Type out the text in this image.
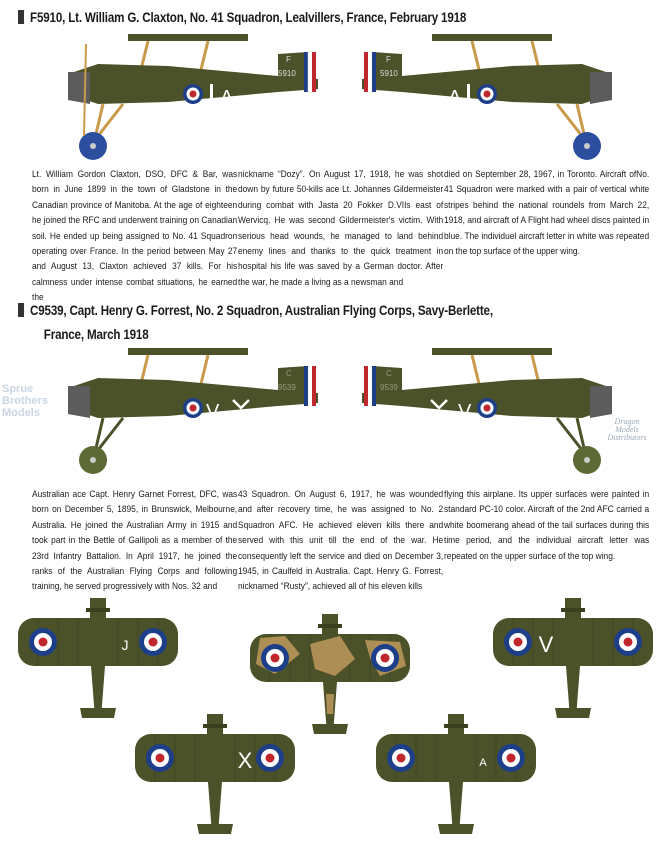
F5910, Lt. William G. Claxton, No. 41 Squadron, Lealvillers, France, February 1918
A
F
5910
A
F
5910
Lt. William Gordon Claxton, DSO, DFC & Bar, was born in June 1899 in the town of Gladstone in the Canadian province of Manitoba. At the age of eighteen he joined the RFC and underwent training on Canadian soil. He ended up being assigned to No. 41 Squadron operating over France. In the period between May 27 and August 13, Claxton achieved 37 kills. For his calmness under intense combat situations, he earned the
nickname “Dozy”. On August 17, 1918, he was shot down by future 50-kills ace Lt. Johannes Gildermeister during combat with Jasta 20 Fokker D.VIIs east of Wervicq. He was second Gildermeister's victim. With serious head wounds, he managed to land behind enemy lines and thanks to the quick treatment in hospital his life was saved by a German doctor. After the war, he made a living as a newsman and
died on September 28, 1967, in Toronto. Aircraft ofNo. 41 Squadron were marked with a pair of vertical white stripes behind the national roundels from March 22, 1918, and aircraft of A Flight had wheel discs painted in blue. The individuel aircraft letter in white was repeated on the top surface of the upper wing.
C9539, Capt. Henry G. Forrest, No. 2 Squadron, Australian Flying Corps, Savy-Berlette,
France, March 1918
V
C
9539
Sprue
Brothers
Models	V
C
9539
Dragon
Models
Distributors
Australian ace Capt. Henry Garnet Forrest, DFC, was born on December 5, 1895, in Brunswick, Melbourne, Australia. He joined the Australian Army in 1915 and took part in the Bettle of Gallipoli as a member of the 23rd Infantry Battalion. In April 1917, he joined the ranks of the Australian Flying Corps and following training, he served progressively with Nos. 32 and
43 Squadron. On August 6, 1917, he was wounded and after recovery time, he was assigned to No. 2 Squadron AFC. He achieved eleven kills there and served with this unit till the end of the war. He consequently left the service and died on December 3, 1945, in Caulfeld in Australia. Capt. Henry G. Forrest, nicknamed “Rusty”, achieved all of his eleven kills
flying this airplane. Its upper surfaces were painted in standard PC-10 color. Aircraft of the 2nd AFC carried a white boomerang ahead of the tail surfaces during this time period, and the individual aircraft letter was repeated on the upper surface of the top wing.
J	V
X	A
